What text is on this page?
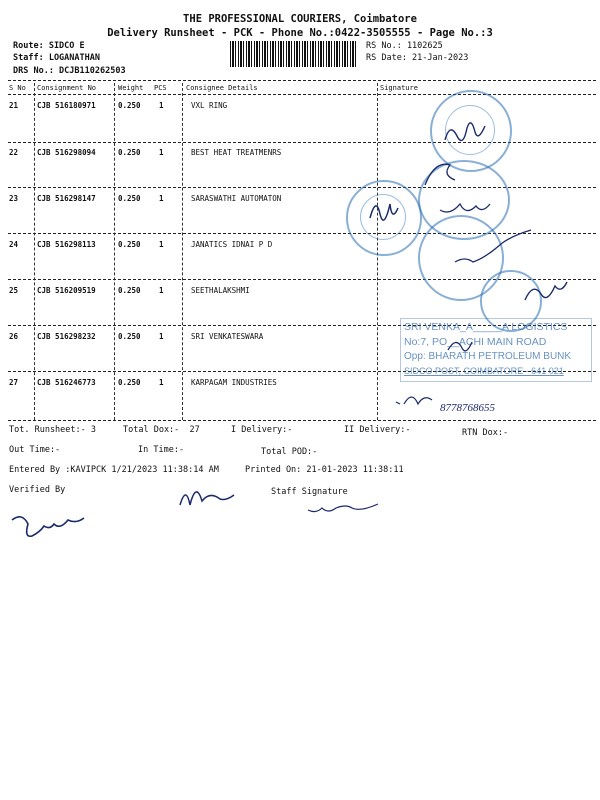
THE PROFESSIONAL COURIERS, Coimbatore
Delivery Runsheet - PCK - Phone No.:0422-3505555 - Page No.:3
Route: SIDCO E
Staff: LOGANATHAN
DRS No.: DCJB110262503
RS No.: 1102625
RS Date: 21-Jan-2023
S No Consignment No	Weight PCS	Consignee Details	Signature
21	CJB 516180971	0.250 1	VXL RING
22	CJB 516298094	0.250 1	BEST HEAT TREATMENRS
23	CJB 516298147	0.250 1	SARASWATHI AUTOMATON
24	CJB 516298113	0.250 1	JANATICS IDNAI P D
25	CJB 516209519	0.250 1	SEETHALAKSHMI
26	CJB 516298232	0.250 1	SRI VENKATESWARA
27	CJB 516246773	0.250 1	KARPAGAM INDUSTRIES
SRI VENKA_A_____A LOGISTICS
No:7, PO__ACHI MAIN ROAD
Opp: BHARATH PETROLEUM BUNK
SIDCO POST, COIMBATORE - 641 021
8778768655
Tot. Runsheet:- 3	Total Dox:-  27	I Delivery:-	II Delivery:-	RTN Dox:-
Out Time:-	In Time:-	Total POD:-
Entered By :KAVIPCK 1/21/2023 11:38:14 AM	Printed On: 21-01-2023 11:38:11
Verified By	Staff Signature
